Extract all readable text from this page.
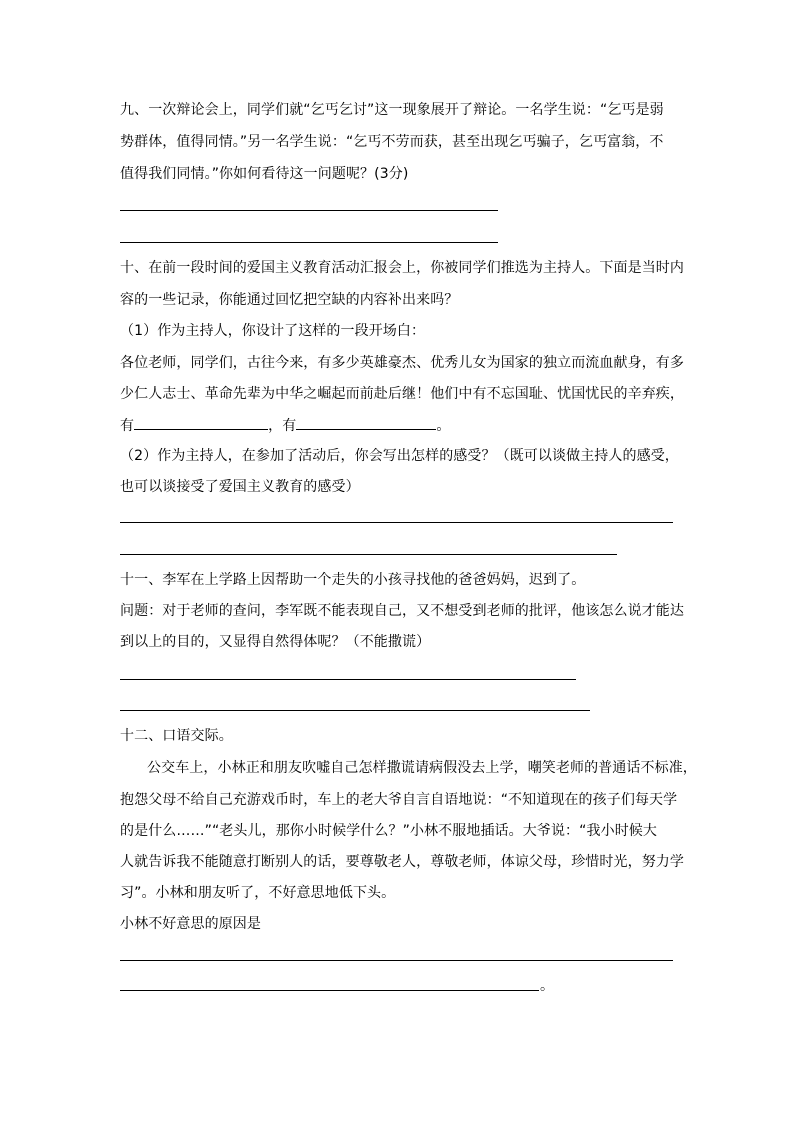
九、一次辩论会上，同学们就“乞丐乞讨”这一现象展开了辩论。一名学生说：“乞丐是弱
势群体，值得同情。”另一名学生说：“乞丐不劳而获，甚至出现乞丐骗子，乞丐富翁，不
值得我们同情。”你如何看待这一问题呢？(3分)
十、在前一段时间的爱国主义教育活动汇报会上，你被同学们推选为主持人。下面是当时内
容的一些记录，你能通过回忆把空缺的内容补出来吗？
（1）作为主持人，你设计了这样的一段开场白：
各位老师，同学们，古往今来，有多少英雄豪杰、优秀儿女为国家的独立而流血献身，有多
少仁人志士、革命先辈为中华之崛起而前赴后继！他们中有不忘国耻、忧国忧民的辛弃疾，
有	，有	。
（2）作为主持人，在参加了活动后，你会写出怎样的感受？（既可以谈做主持人的感受，
也可以谈接受了爱国主义教育的感受）
十一、李军在上学路上因帮助一个走失的小孩寻找他的爸爸妈妈，迟到了。
问题：对于老师的查问，李军既不能表现自己，又不想受到老师的批评，他该怎么说才能达
到以上的目的，又显得自然得体呢？（不能撒谎）
十二、口语交际。
公交车上，小林正和朋友吹嘘自己怎样撒谎请病假没去上学，嘲笑老师的普通话不标准，
抱怨父母不给自己充游戏币时，车上的老大爷自言自语地说：“不知道现在的孩子们每天学
的是什么……”“老头儿，那你小时候学什么？”小林不服地插话。大爷说：“我小时候大
人就告诉我不能随意打断别人的话，要尊敬老人，尊敬老师，体谅父母，珍惜时光，努力学
习”。小林和朋友听了，不好意思地低下头。
小林不好意思的原因是
。
